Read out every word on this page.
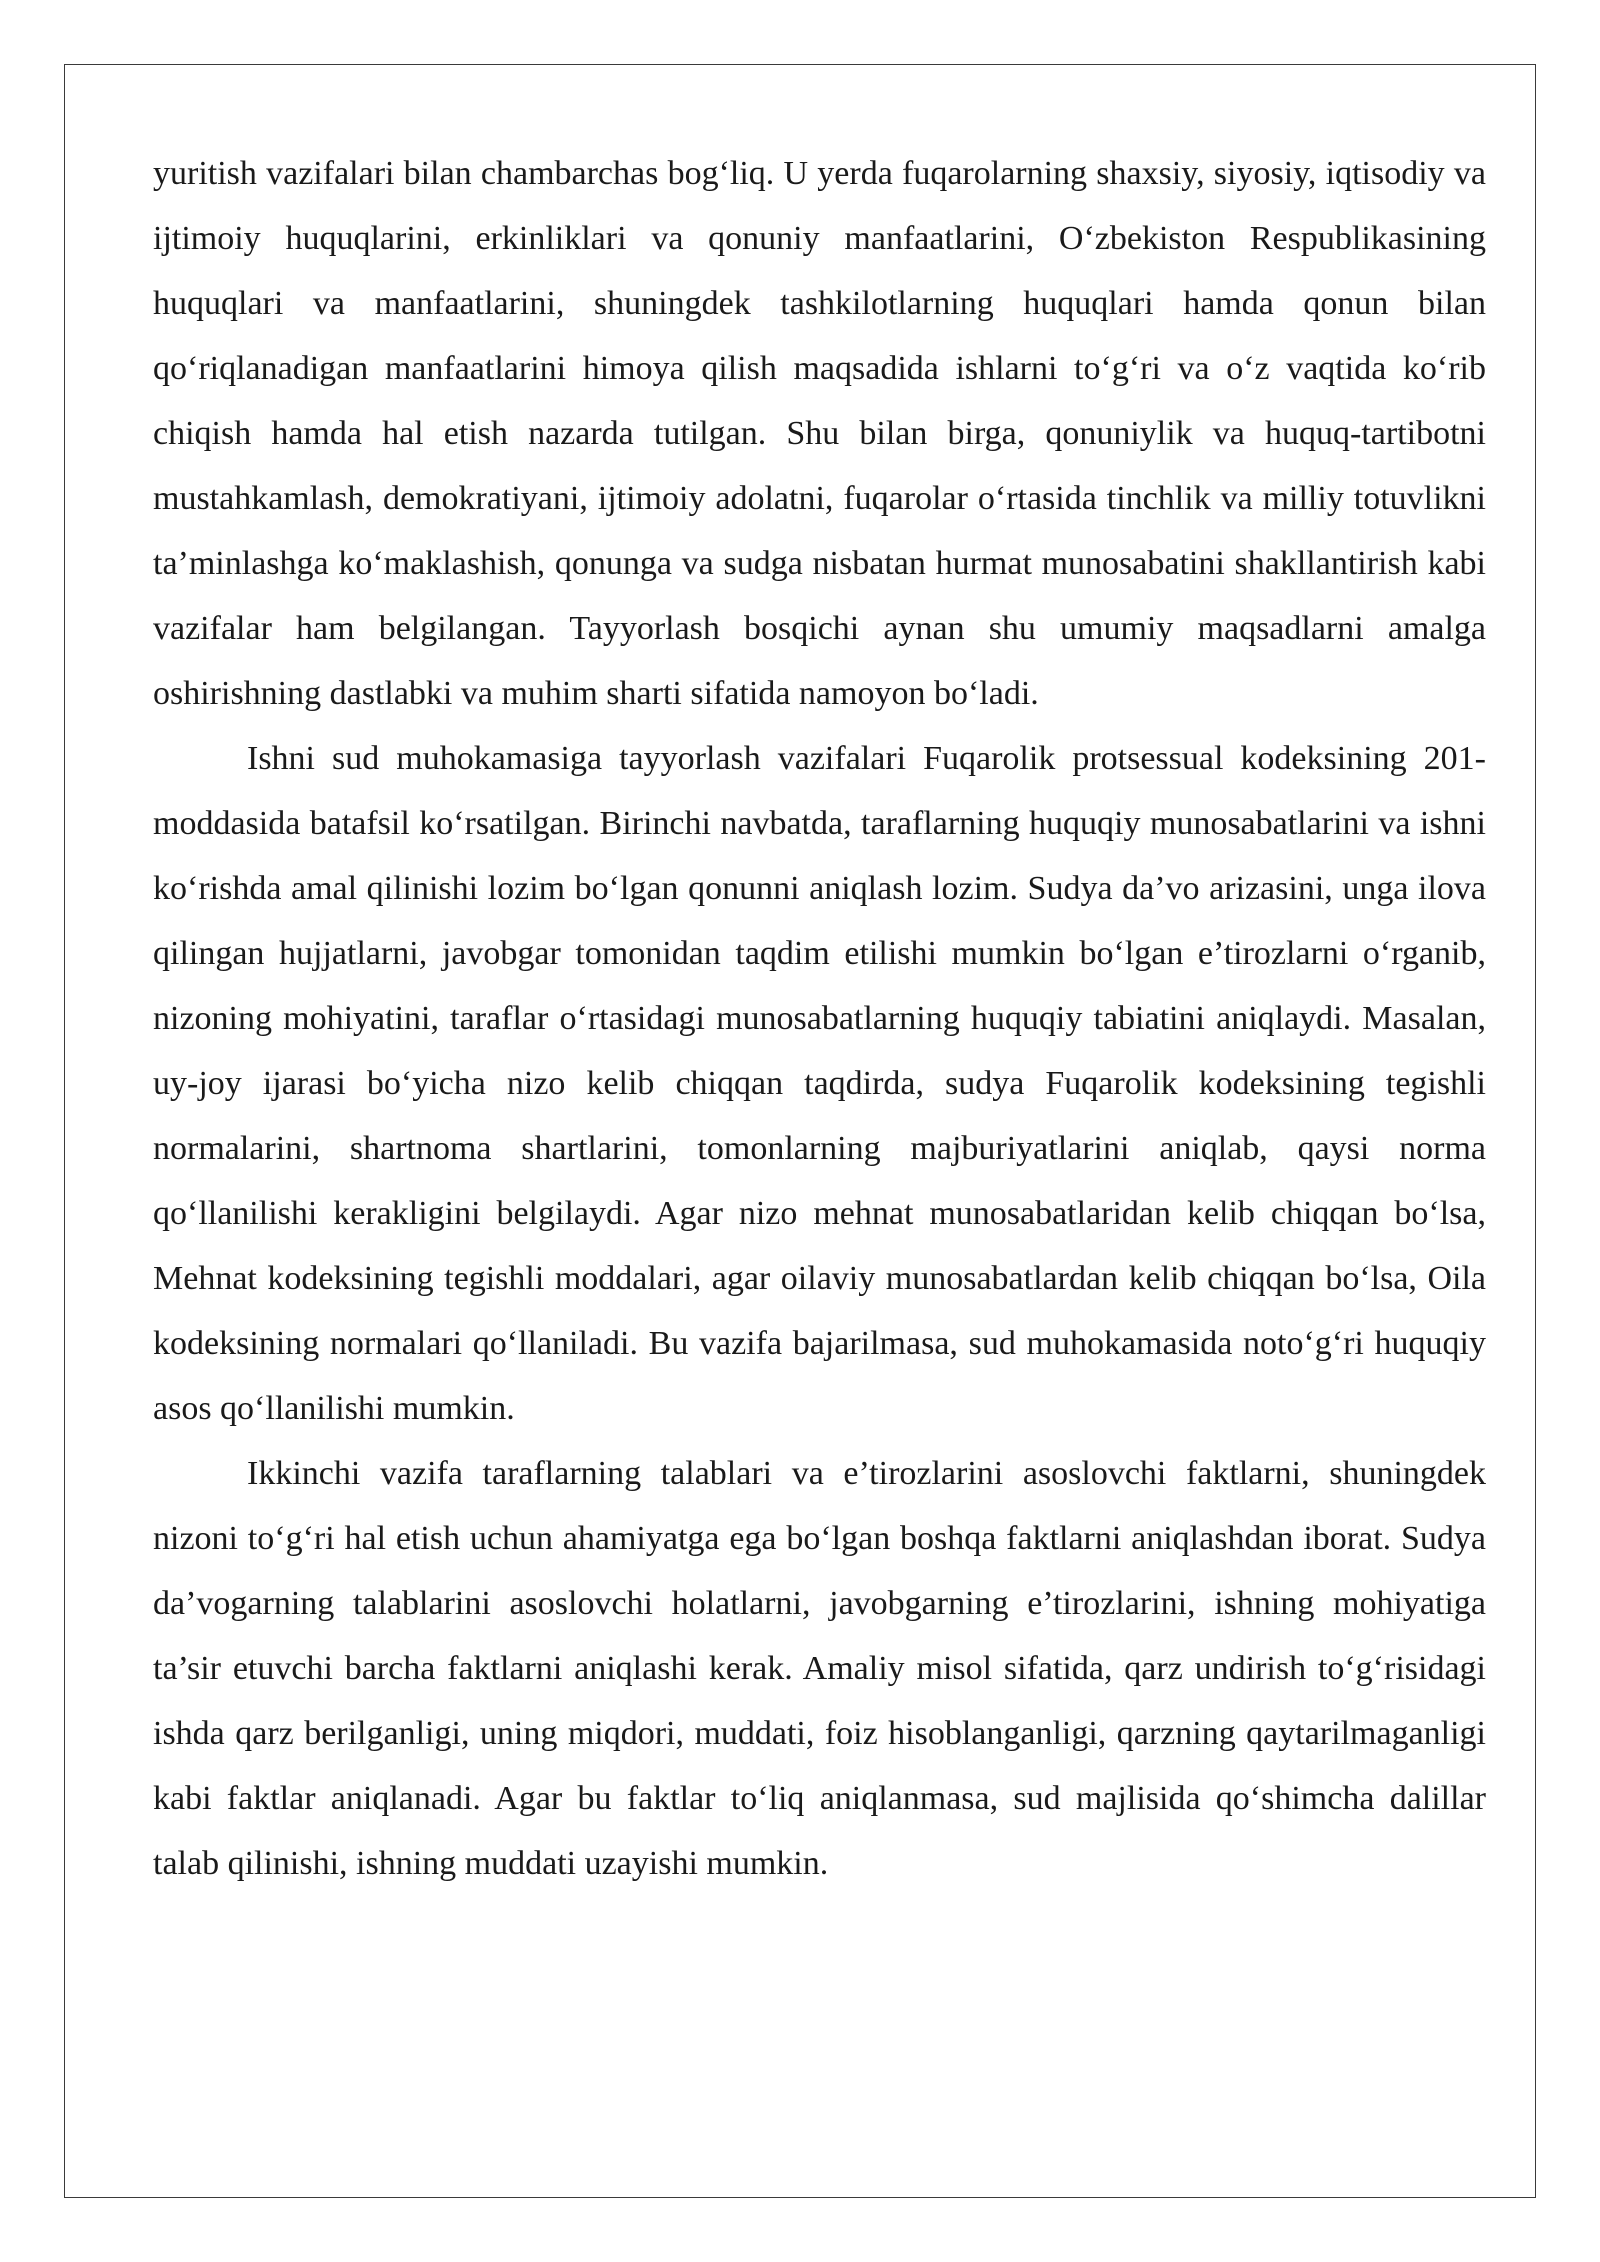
yuritish vazifalari bilan chambarchas bog‘liq. U yerda fuqarolarning shaxsiy, siyosiy, iqtisodiy va ijtimoiy huquqlarini, erkinliklari va qonuniy manfaatlarini, O‘zbekiston Respublikasining huquqlari va manfaatlarini, shuningdek tashkilotlarning huquqlari hamda qonun bilan qo‘riqlanadigan manfaatlarini himoya qilish maqsadida ishlarni to‘g‘ri va o‘z vaqtida ko‘rib chiqish hamda hal etish nazarda tutilgan. Shu bilan birga, qonuniylik va huquq-tartibotni mustahkamlash, demokratiyani, ijtimoiy adolatni, fuqarolar o‘rtasida tinchlik va milliy totuvlikni ta’minlashga ko‘maklashish, qonunga va sudga nisbatan hurmat munosabatini shakllantirish kabi vazifalar ham belgilangan. Tayyorlash bosqichi aynan shu umumiy maqsadlarni amalga oshirishning dastlabki va muhim sharti sifatida namoyon bo‘ladi.

Ishni sud muhokamasiga tayyorlash vazifalari Fuqarolik protsessual kodeksining 201-moddasida batafsil ko‘rsatilgan. Birinchi navbatda, taraflarning huquqiy munosabatlarini va ishni ko‘rishda amal qilinishi lozim bo‘lgan qonunni aniqlash lozim. Sudya da’vo arizasini, unga ilova qilingan hujjatlarni, javobgar tomonidan taqdim etilishi mumkin bo‘lgan e’tirozlarni o‘rganib, nizoning mohiyatini, taraflar o‘rtasidagi munosabatlarning huquqiy tabiatini aniqlaydi. Masalan, uy-joy ijarasi bo‘yicha nizo kelib chiqqan taqdirda, sudya Fuqarolik kodeksining tegishli normalarini, shartnoma shartlarini, tomonlarning majburiyatlarini aniqlab, qaysi norma qo‘llanilishi kerakligini belgilaydi. Agar nizo mehnat munosabatlaridan kelib chiqqan bo‘lsa, Mehnat kodeksining tegishli moddalari, agar oilaviy munosabatlardan kelib chiqqan bo‘lsa, Oila kodeksining normalari qo‘llaniladi. Bu vazifa bajarilmasa, sud muhokamasida noto‘g‘ri huquqiy asos qo‘llanilishi mumkin.

Ikkinchi vazifa taraflarning talablari va e’tirozlarini asoslovchi faktlarni, shuningdek nizoni to‘g‘ri hal etish uchun ahamiyatga ega bo‘lgan boshqa faktlarni aniqlashdan iborat. Sudya da’vogarning talablarini asoslovchi holatlarni, javobgarning e’tirozlarini, ishning mohiyatiga ta’sir etuvchi barcha faktlarni aniqlashi kerak. Amaliy misol sifatida, qarz undirish to‘g‘risidagi ishda qarz berilganligi, uning miqdori, muddati, foiz hisoblanganligi, qarzning qaytarilmaganligi kabi faktlar aniqlanadi. Agar bu faktlar to‘liq aniqlanmasa, sud majlisida qo‘shimcha dalillar talab qilinishi, ishning muddati uzayishi mumkin.
